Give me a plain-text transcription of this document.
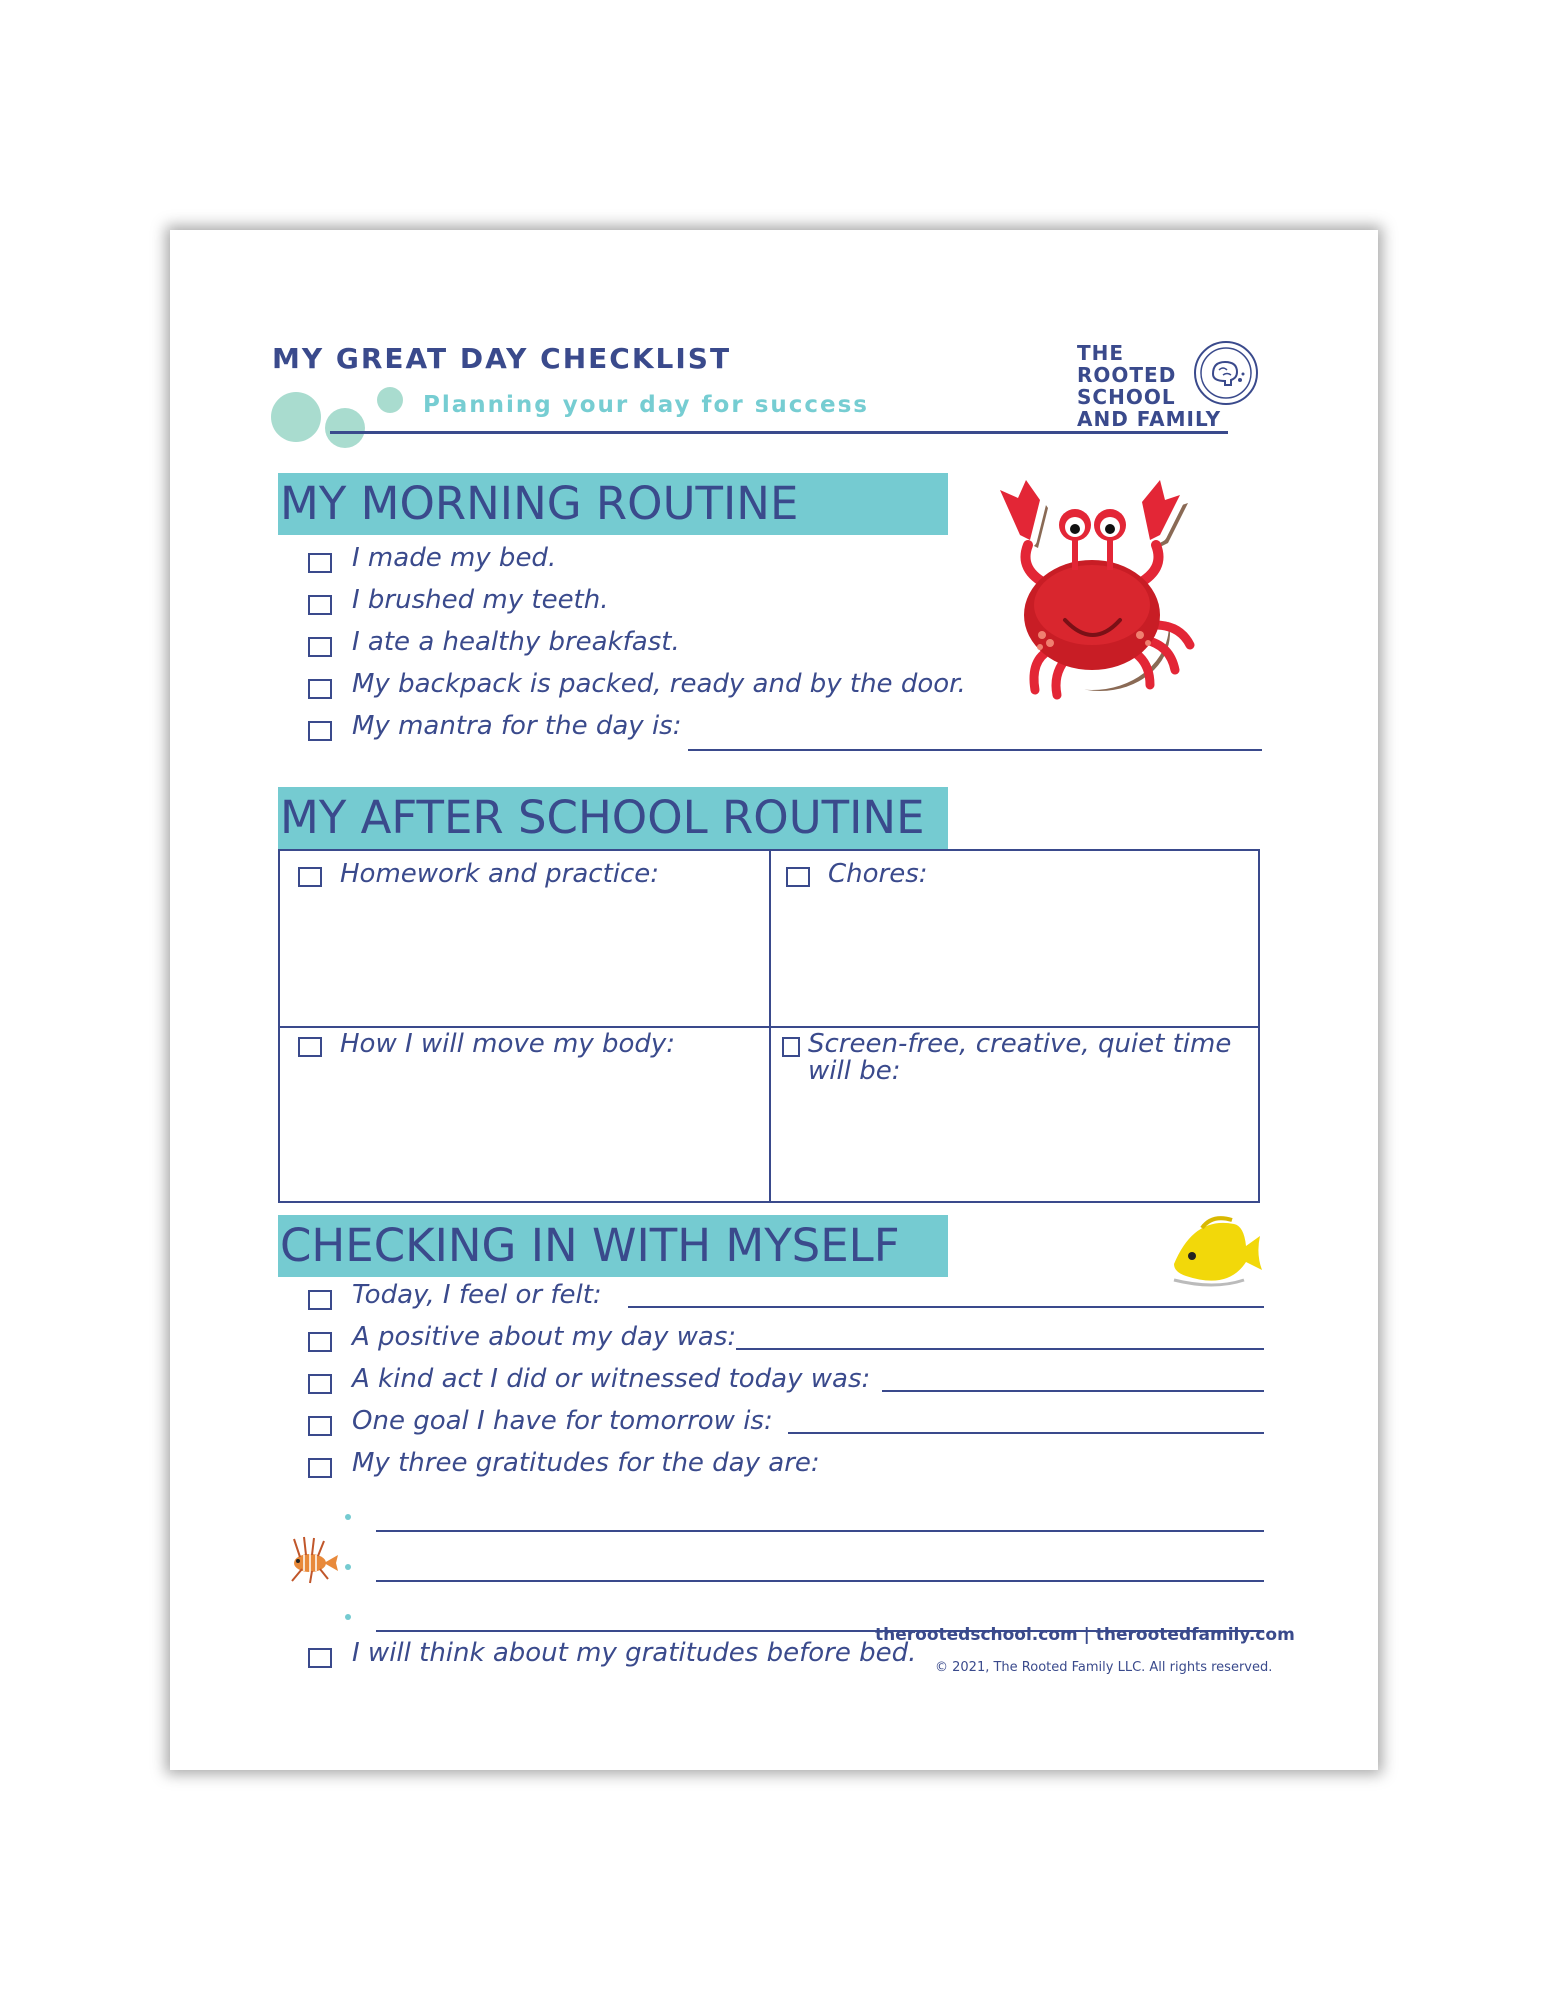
MY GREAT DAY CHECKLIST
Planning your day for success
THE
ROOTED
SCHOOL
AND FAMILY
MY MORNING ROUTINE
I made my bed.
I brushed my teeth.
I ate a healthy breakfast.
My backpack is packed, ready and by the door.
My mantra for the day is:
MY AFTER SCHOOL ROUTINE
Homework and practice:	Chores:
How I will move my body:	Screen-free, creative, quiet time will be:
CHECKING IN WITH MYSELF
Today, I feel or felt:
A positive about my day was:
A kind act I did or witnessed today was:
One goal I have for tomorrow is:
My three gratitudes for the day are:
therootedschool.com | therootedfamily.com
I will think about my gratitudes before bed. © 2021, The Rooted Family LLC. All rights reserved.
